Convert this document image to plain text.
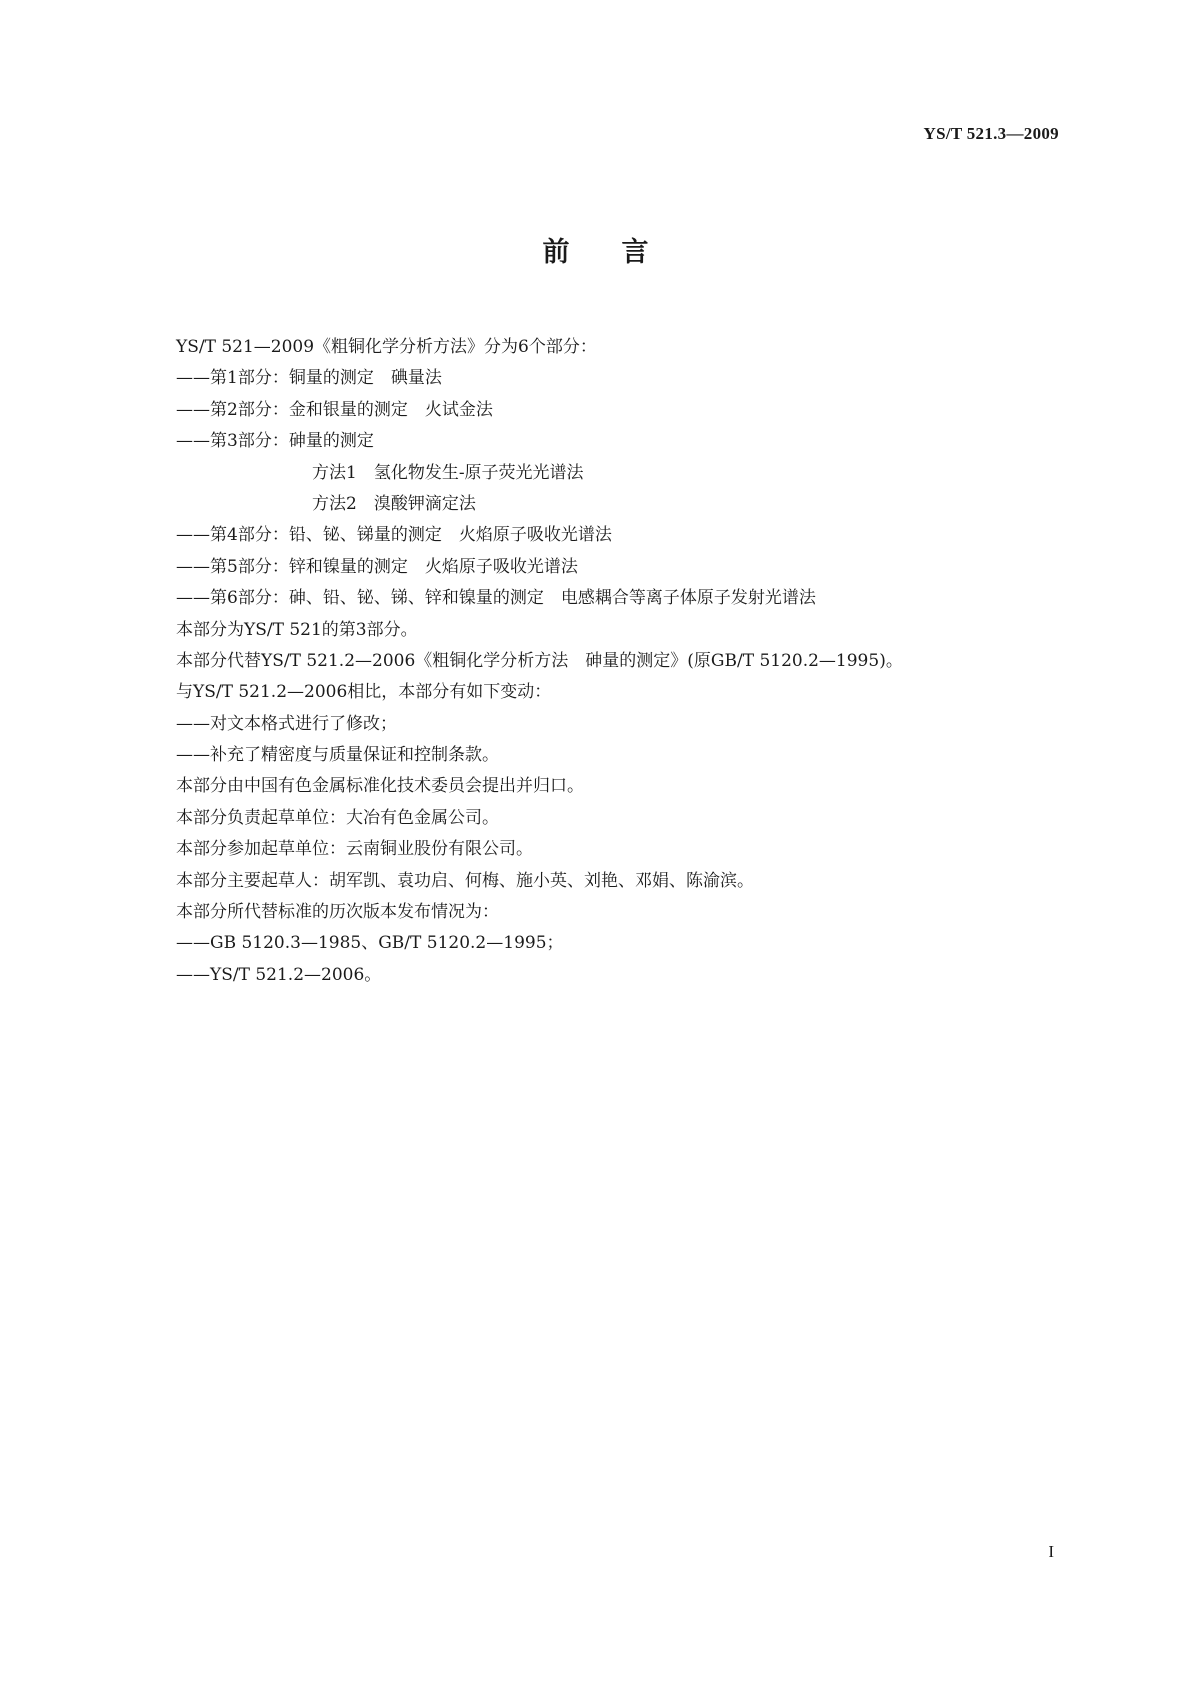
YS/T 521.3—2009
前言
YS/T 521—2009《粗铜化学分析方法》分为6个部分：
——第1部分：铜量的测定　碘量法
——第2部分：金和银量的测定　火试金法
——第3部分：砷量的测定
方法1　氢化物发生-原子荧光光谱法
方法2　溴酸钾滴定法
——第4部分：铅、铋、锑量的测定　火焰原子吸收光谱法
——第5部分：锌和镍量的测定　火焰原子吸收光谱法
——第6部分：砷、铅、铋、锑、锌和镍量的测定　电感耦合等离子体原子发射光谱法
本部分为YS/T 521的第3部分。
本部分代替YS/T 521.2—2006《粗铜化学分析方法　砷量的测定》(原GB/T 5120.2—1995)。
与YS/T 521.2—2006相比，本部分有如下变动：
——对文本格式进行了修改；
——补充了精密度与质量保证和控制条款。
本部分由中国有色金属标准化技术委员会提出并归口。
本部分负责起草单位：大冶有色金属公司。
本部分参加起草单位：云南铜业股份有限公司。
本部分主要起草人：胡军凯、袁功启、何梅、施小英、刘艳、邓娟、陈渝滨。
本部分所代替标准的历次版本发布情况为：
——GB 5120.3—1985、GB/T 5120.2—1995；
——YS/T 521.2—2006。
I
